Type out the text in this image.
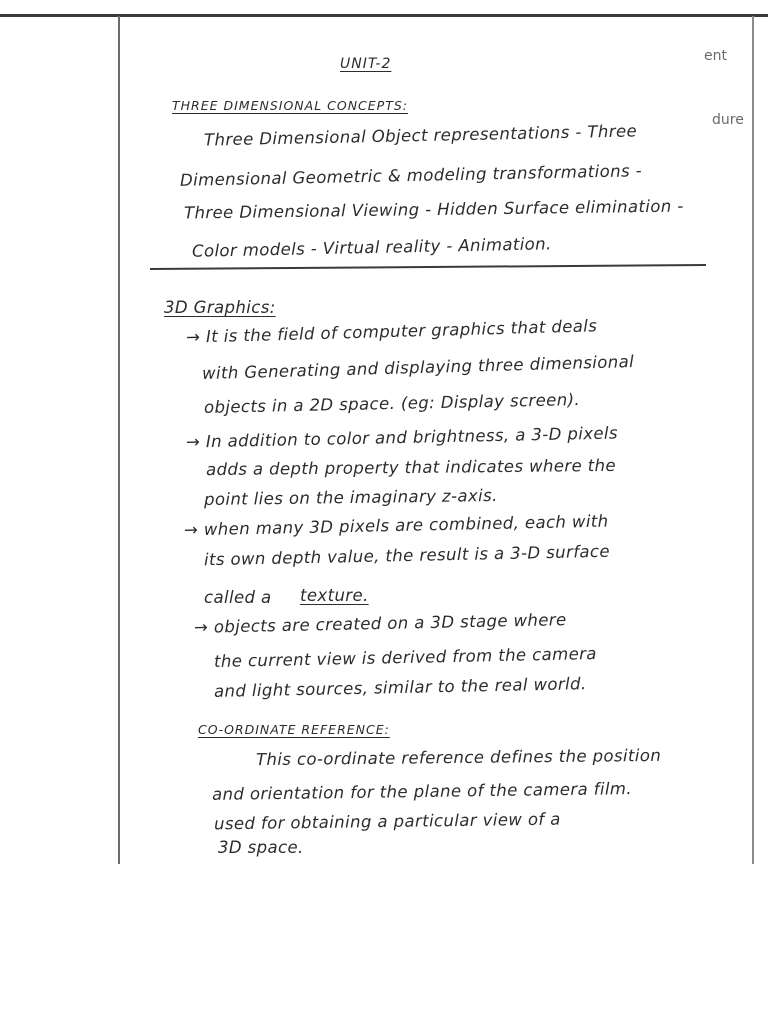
ent
dure
UNIT-2
THREE DIMENSIONAL CONCEPTS:
Three Dimensional Object representations - Three
Dimensional Geometric & modeling transformations -
Three Dimensional Viewing - Hidden Surface elimination -
Color models - Virtual reality - Animation.
3D Graphics:
→ It is the field of computer graphics that deals
with Generating and displaying three dimensional
objects in a 2D space. (eg: Display screen).
→ In addition to color and brightness, a 3-D pixels
adds a depth property that indicates where the
point lies on the imaginary z-axis.
→ when many 3D pixels are combined, each with
its own depth value, the result is a 3-D surface
called a texture.
→ objects are created on a 3D stage where
the current view is derived from the camera
and light sources, similar to the real world.
CO-ORDINATE REFERENCE:
This co-ordinate reference defines the position
and orientation for the plane of the camera film.
used for obtaining a particular view of a
3D space.
